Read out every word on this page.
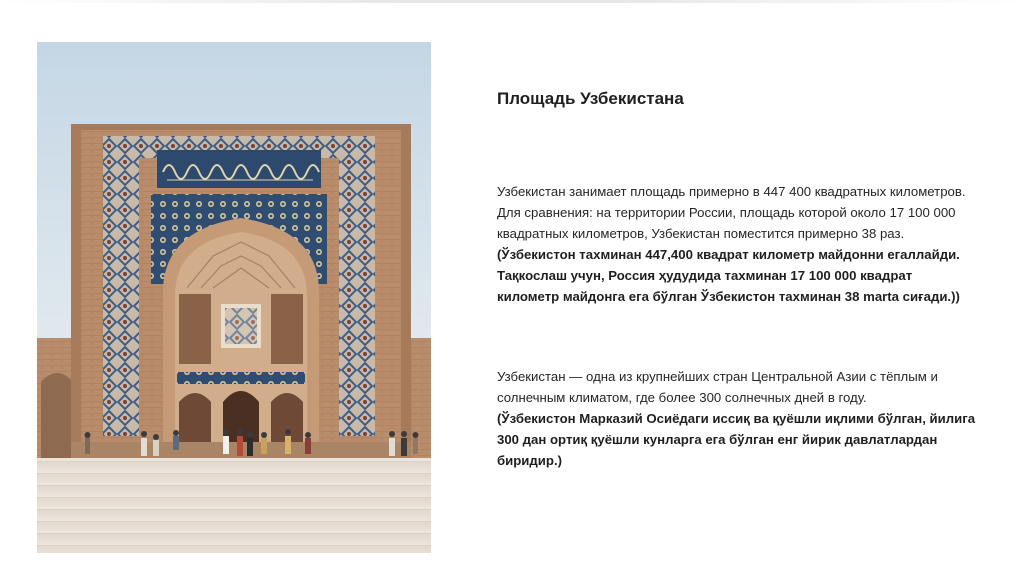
Площадь Узбекистана

Узбекистан занимает площадь примерно в 447 400 квадратных километров. Для сравнения: на территории России, площадь которой около 17 100 000 квадратных километров, Узбекистан поместится примерно 38 раз.

(Ўзбекистон тахминан 447,400 квадрат километр майдонни егаллайди. Тақкослаш учун, Россия ҳудудида тахминан 17 100 000 квадрат километр майдонга ега бўлган Ўзбекистон тахминан 38 marta сиғади.))

Узбекистан — одна из крупнейших стран Центральной Азии с тёплым и солнечным климатом, где более 300 солнечных дней в году.

(Ўзбекистон Марказий Осиёдаги иссиқ ва қуёшли иқлими бўлган, йилига 300 дан ортиқ қуёшли кунларга ега бўлган енг йирик давлатлардан биридир.)
